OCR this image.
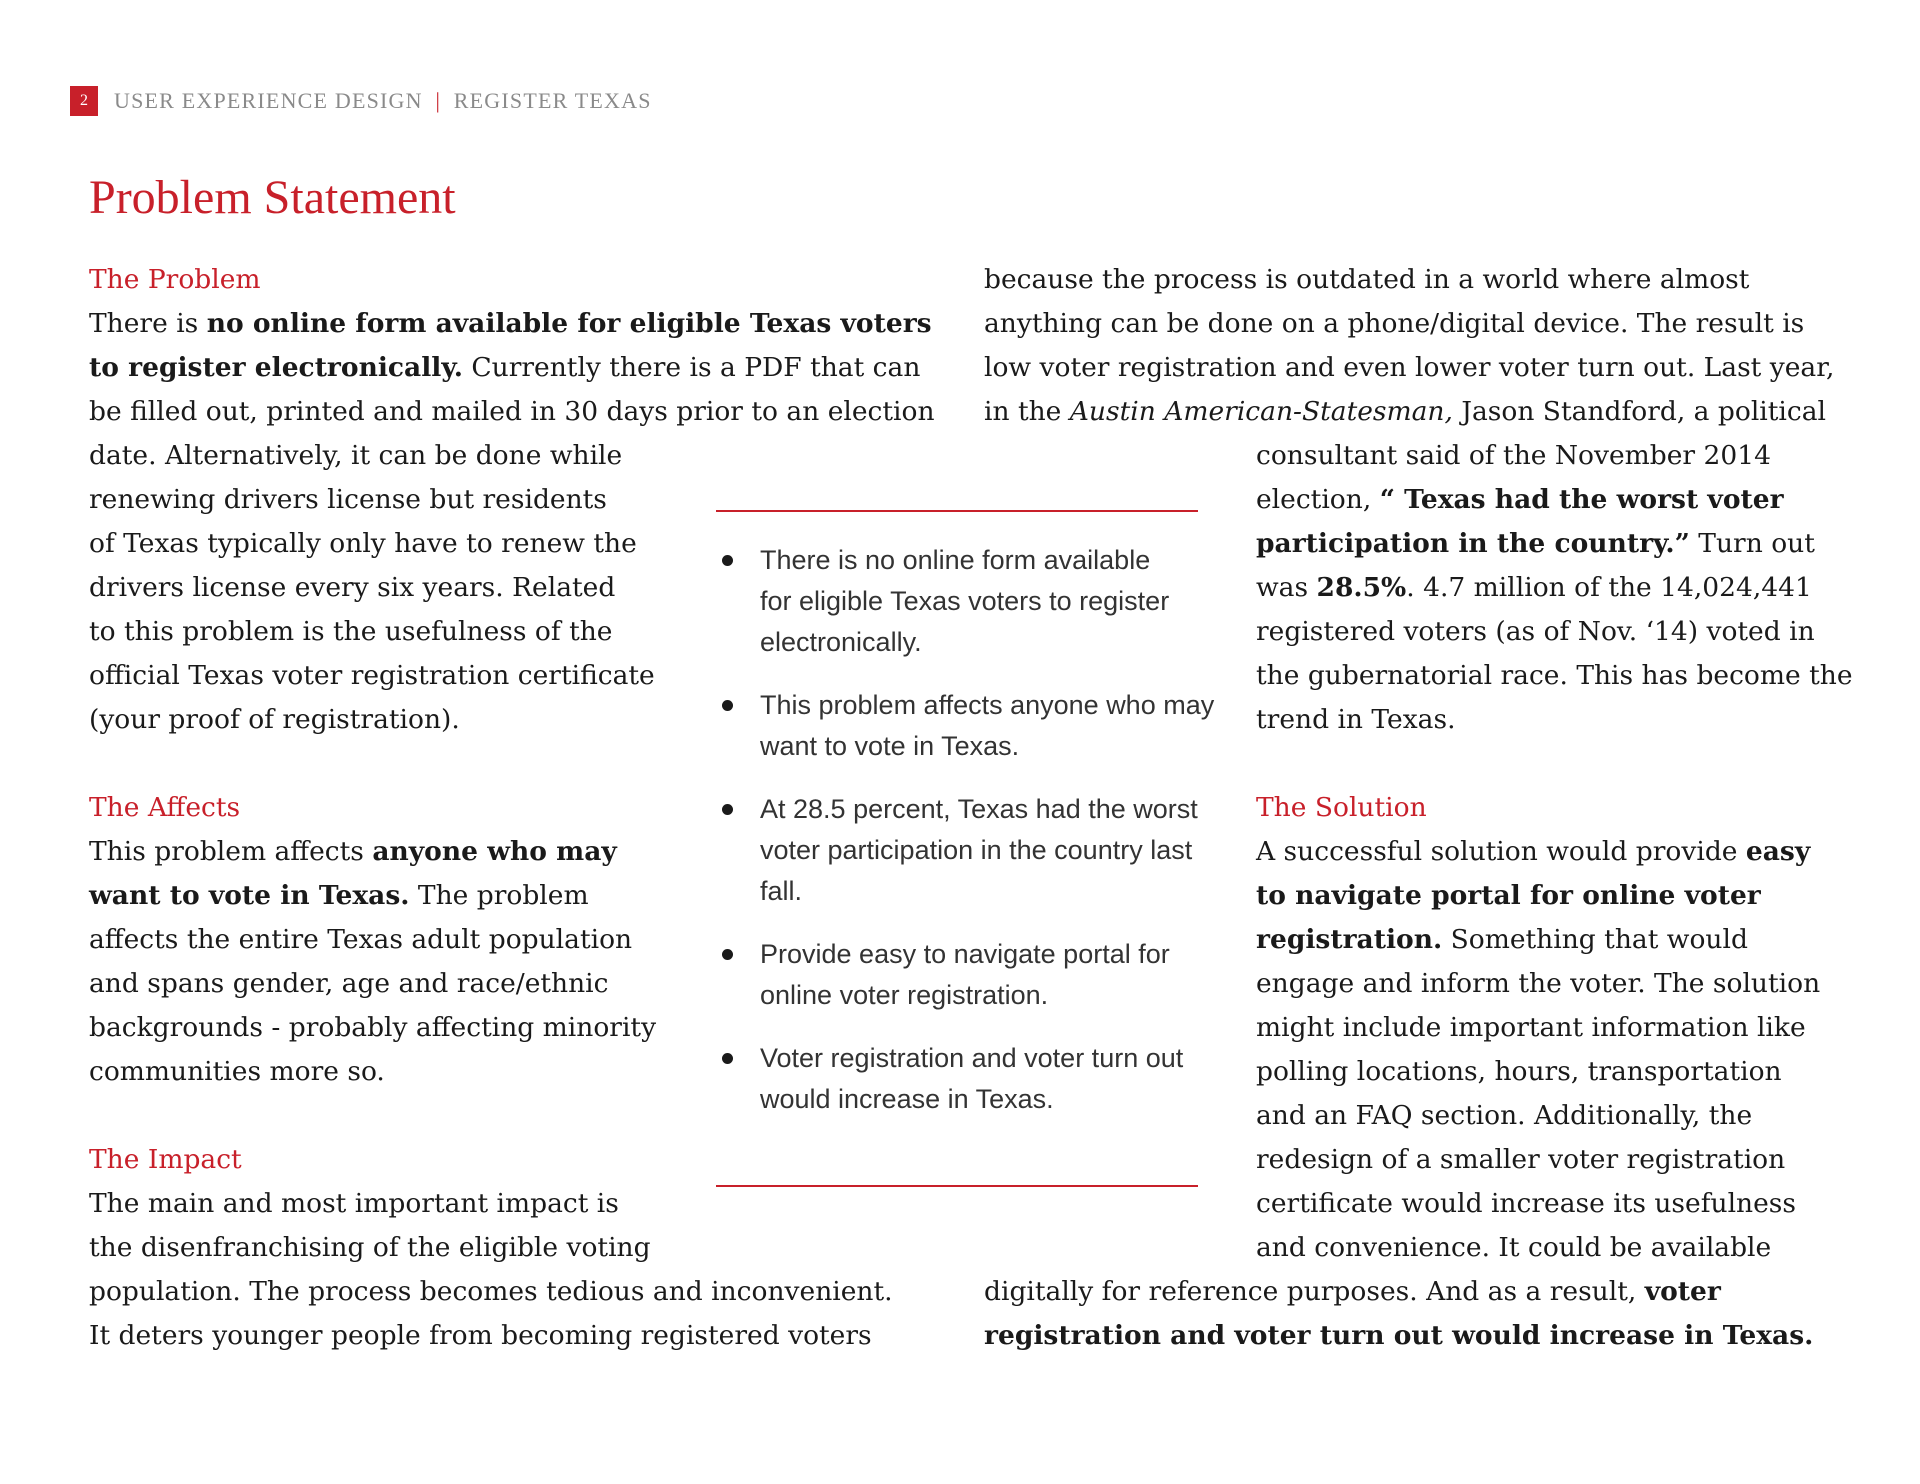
2	USER EXPERIENCE DESIGN | REGISTER TEXAS
Problem Statement
The Problem
There is no online form available for eligible Texas voters
to register electronically. Currently there is a PDF that can
be filled out, printed and mailed in 30 days prior to an election
date. Alternatively, it can be done while
renewing drivers license but residents
of Texas typically only have to renew the
drivers license every six years. Related
to this problem is the usefulness of the
official Texas voter registration certificate
(your proof of registration).
because the process is outdated in a world where almost
anything can be done on a phone/digital device. The result is
low voter registration and even lower voter turn out. Last year,
in the Austin American-Statesman, Jason Standford, a political
consultant said of the November 2014
election, “ Texas had the worst voter
participation in the country.” Turn out
was 28.5%. 4.7 million of the 14,024,441
registered voters (as of Nov. ‘14) voted in
the gubernatorial race. This has become the
trend in Texas.
The Affects
This problem affects anyone who may
want to vote in Texas. The problem
affects the entire Texas adult population
and spans gender, age and race/ethnic
backgrounds - probably affecting minority
communities more so.
The Impact
The main and most important impact is
the disenfranchising of the eligible voting
population. The process becomes tedious and inconvenient.
It deters younger people from becoming registered voters
The Solution
A successful solution would provide easy
to navigate portal for online voter
registration. Something that would
engage and inform the voter. The solution
might include important information like
polling locations, hours, transportation
and an FAQ section. Additionally, the
redesign of a smaller voter registration
certificate would increase its usefulness
and convenience. It could be available
digitally for reference purposes. And as a result, voter
registration and voter turn out would increase in Texas.
There is no online form available
for eligible Texas voters to register
electronically.
This problem affects anyone who may
want to vote in Texas.
At 28.5 percent, Texas had the worst
voter participation in the country last
fall.
Provide easy to navigate portal for
online voter registration.
Voter registration and voter turn out
would increase in Texas.
